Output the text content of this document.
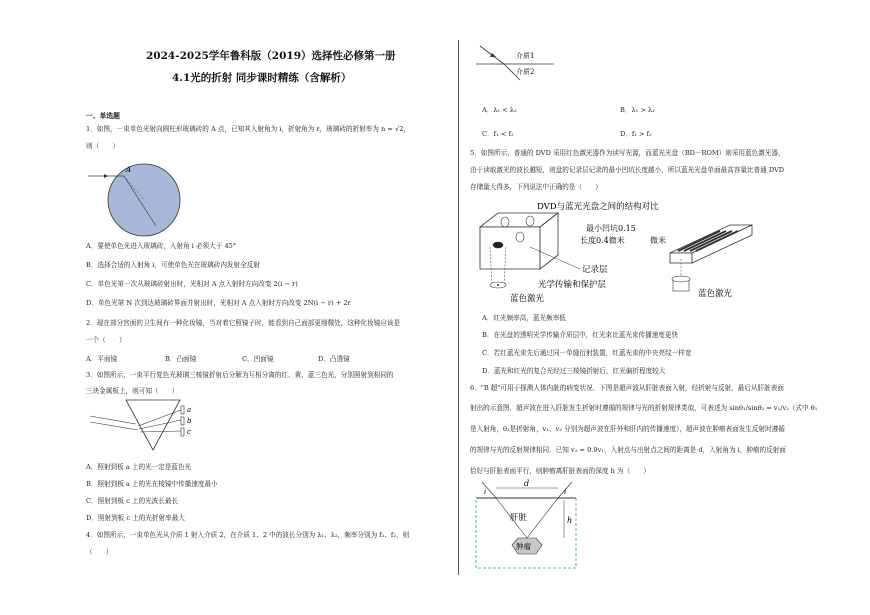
2024-2025学年鲁科版（2019）选择性必修第一册
4.1光的折射 同步课时精练（含解析）
一、单选题
1．如图，一束单色光射向圆柱形玻璃砖的 A 点，已知其入射角为 i，折射角为 r，玻璃砖的折射率为 n = √2，
则（　　）
A
A．要使单色光进入玻璃砖，入射角 i 必须大于 45°
B．选择合适的入射角 i，可使单色光在玻璃砖内发射全反射
C．单色光第一次从玻璃砖射出时，光相对 A 点入射时方向改变 2(i − r)
D．单色光第 N 次到达玻璃砖界面并射出时，光相对 A 点入射时方向改变 2N(i − r) + 2r
2．现在部分宫面的卫生间有一种化妆镜，当对着它照镜子时，能看到自己面部更细微处，这种化妆镜应该是
一个（　　）
A．平面镜	B．凸面镜	C．凹面镜	D．凸透镜
3．如图所示，一束平行复色光玻璃三棱镜折射后分解为互相分离的红、黄、蓝三色光，分别照射到相同的
三块金属板上，则可知（　　）
a
b
c
A．照射到板 a 上的光一定是蓝色光
B．照射到板 a 上的光在棱镜中传播速度最小
C．照射到板 c 上的光波长最长
D．照射到板 c 上的光折射率最大
4．如图所示，一束单色光从介质 1 射入介质 2，在介质 1、2 中的波长分别为 λ₁、λ₂，频率分别为 f₁、f₂，则
（　　）
介质1
介质2
A．λ₁ < λ₂	B．λ₁ > λ₂
C．f₁ < f₂	D．f₁ > f₂
5．如图所示，普通的 DVD 采用红色激光器作为读写光源，而蓝光光盘（BD－ROM）则采用蓝色激光器，
由于读取激光的波长越短，则盘的记录层记录的最小凹坑长度越小，所以蓝光光盘单面最高容量比普通 DVD
存储量大得多，下列说法中正确的是（　　）
DVD与蓝光光盘之间的结构对比
最小凹坑0.15
长度0.4微米	微米
记录层
光学传输和保护层
蓝色激光	蓝色激光
A．红光频率高，蓝光频率低
B．在光盘的透明光学传输介质层中，红光束比蓝光束传播速度更快
C．若红蓝光束先后通过同一单缝衍射装置，红蓝光束的中央亮纹一样宽
D．蓝光和红光的复合光经过三棱镜折射后，红光偏折程度较大
6．"B 超"可用于探测人体内脏的病变状况．下图是超声波从肝脏表面入射，经折射与反射，最后从肝脏表面
射出的示意图，超声波在进入肝脏发生折射时遵循的规律与光的折射规律类似，可表述为 sinθ₁/sinθ₂ = v₁/v₂（式中 θ₁
是入射角，θ₂是折射角，v₁、v₂ 分别为超声波在肝外和肝内的传播速度），超声波在肿瘤表面发生反射时遵循
的规律与光的反射规律相同．已知 v₂ = 0.9v₁，入射点与出射点之间的距离是 d，入射角为 i，肿瘤的反射面
恰好与肝脏表面平行，则肿瘤离肝脏表面的深度 h 为（　　）
i
d
i
肝脏	h
肿瘤
